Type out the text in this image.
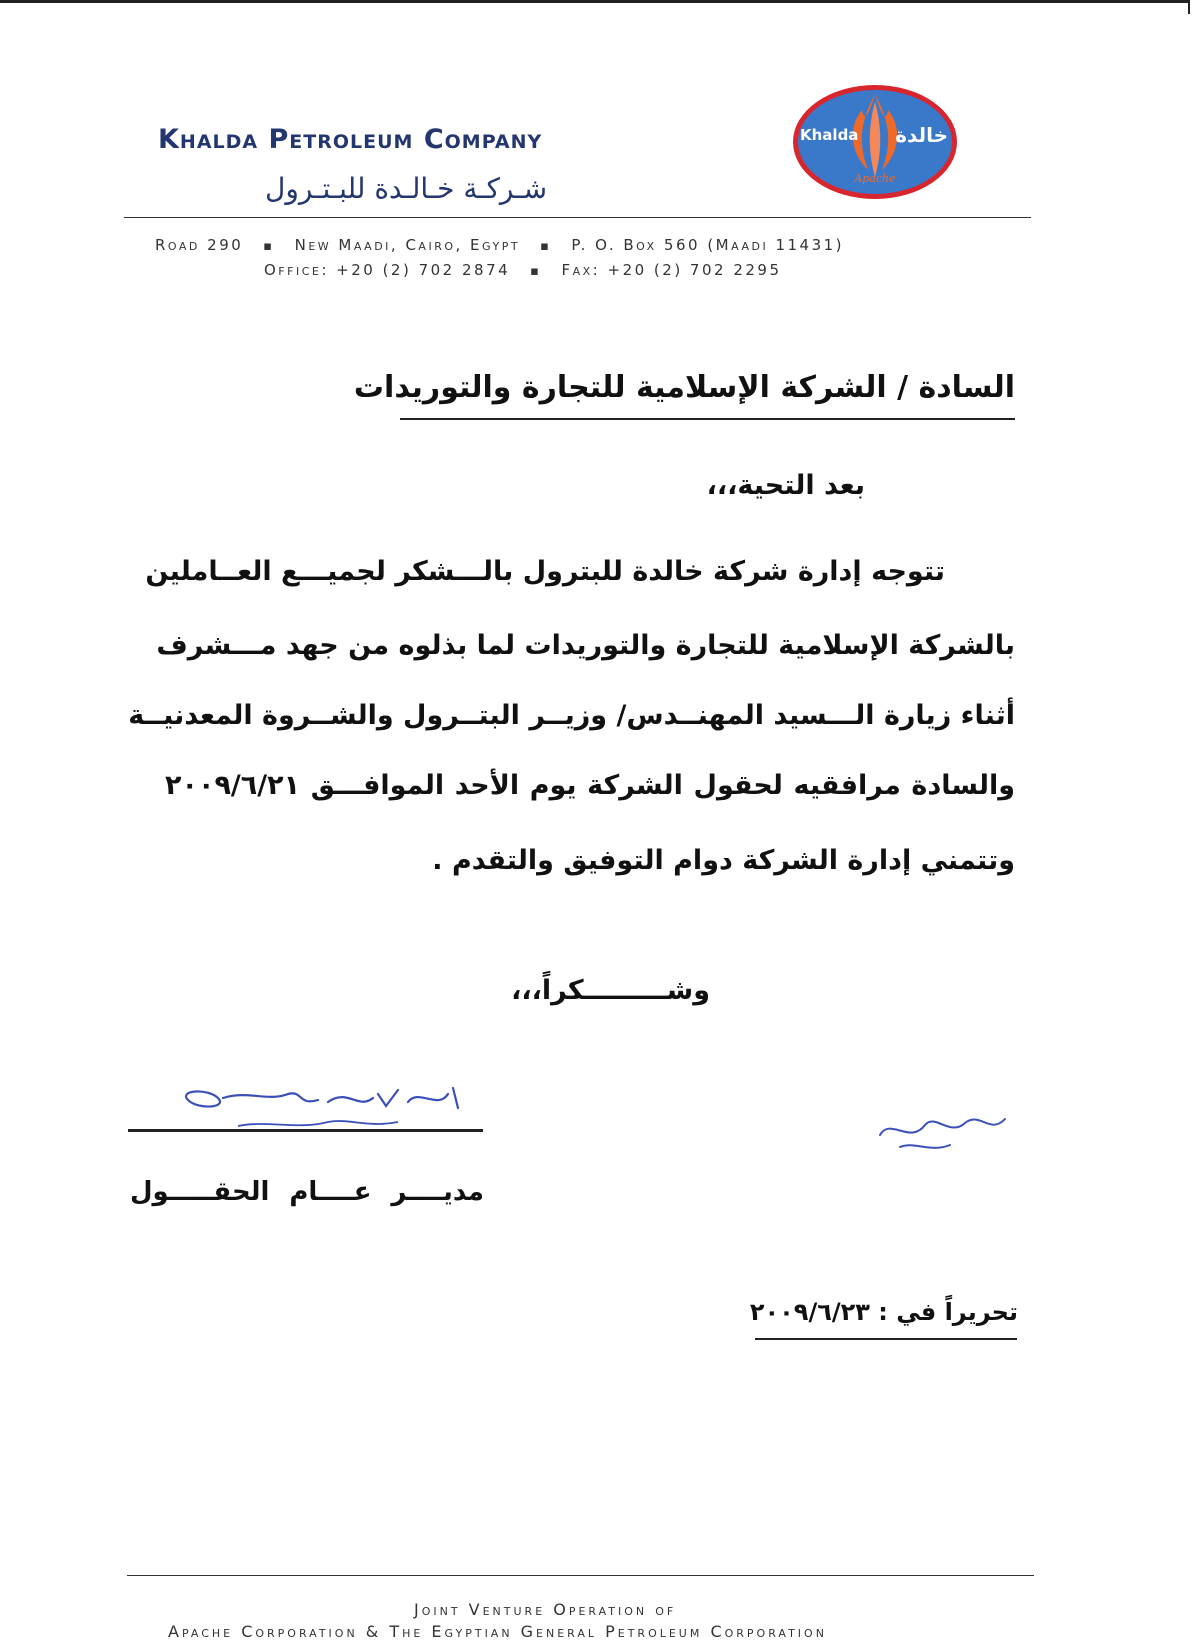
Khalda Petroleum Company
شـركـة خـالـدة للبـتـرول
Khalda خالدة
Apache
Road 290 ▪ New Maadi, Cairo, Egypt ▪ P. O. Box 560 (Maadi 11431)
Office: +20 (2) 702 2874 ▪ Fax: +20 (2) 702 2295
السادة / الشركة الإسلامية للتجارة والتوريدات
بعد التحية،،،
تتوجه إدارة شركة خالدة للبترول بالـــشكر لجميـــع العــاملين
بالشركة الإسلامية للتجارة والتوريدات لما بذلوه من جهد مـــشرف
أثناء زيارة الـــسيد المهنــدس/ وزيــر البتــرول والشــروة المعدنيــة
والسادة مرافقيه لحقول الشركة يوم الأحد الموافـــق ٢٠٠٩/٦/٢١
وتتمني إدارة الشركة دوام التوفيق والتقدم .
وشـــــــــكراً،،،
مديــــر عــــام الحقـــــول
تحريراً في : ٢٠٠٩/٦/٢٣
Joint Venture Operation of
Apache Corporation & The Egyptian General Petroleum Corporation
